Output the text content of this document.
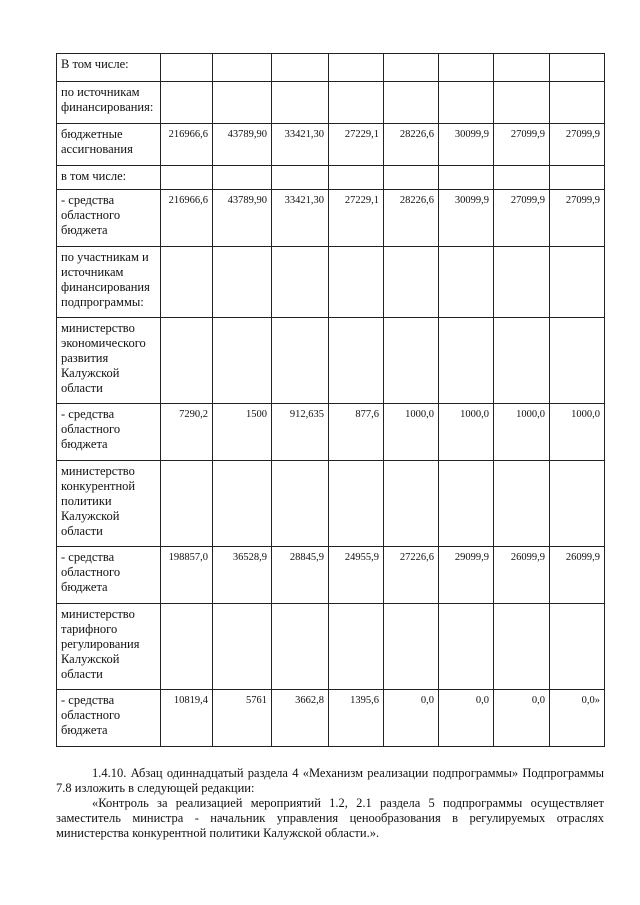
В том числе:								
по источникам финансирования:								
бюджетные ассигнования	216966,6	43789,90	33421,30	27229,1	28226,6	30099,9	27099,9	27099,9
в том числе:								
- средства областного бюджета	216966,6	43789,90	33421,30	27229,1	28226,6	30099,9	27099,9	27099,9
по участникам и источникам финансирования подпрограммы:								
министерство экономического развития Калужской области								
- средства областного бюджета	7290,2	1500	912,635	877,6	1000,0	1000,0	1000,0	1000,0
министерство конкурентной политики Калужской области								
- средства областного бюджета	198857,0	36528,9	28845,9	24955,9	27226,6	29099,9	26099,9	26099,9
министерство тарифного регулирования Калужской области								
- средства областного бюджета	10819,4	5761	3662,8	1395,6	0,0	0,0	0,0	0,0»

1.4.10. Абзац одиннадцатый раздела 4 «Механизм реализации подпрограммы» Подпрограммы 7.8 изложить в следующей редакции:

«Контроль за реализацией мероприятий 1.2, 2.1 раздела 5 подпрограммы осуществляет заместитель министра - начальник управления ценообразования в регулируемых отраслях министерства конкурентной политики Калужской области.».
